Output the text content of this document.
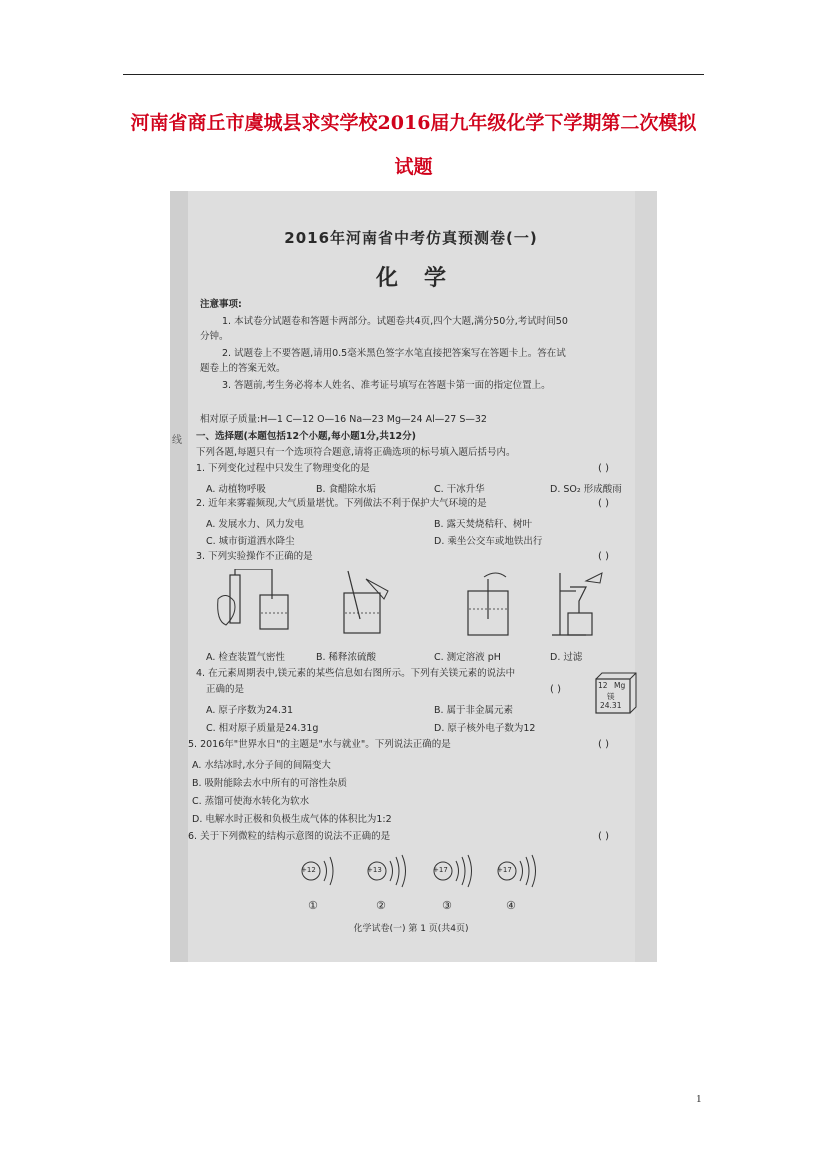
河南省商丘市虞城县求实学校2016届九年级化学下学期第二次模拟
试题
线
2016年河南省中考仿真预测卷(一)
化学
注意事项:
1. 本试卷分试题卷和答题卡两部分。试题卷共4页,四个大题,满分50分,考试时间50
分钟。
2. 试题卷上不要答题,请用0.5毫米黑色签字水笔直接把答案写在答题卡上。答在试
题卷上的答案无效。
3. 答题前,考生务必将本人姓名、准考证号填写在答题卡第一面的指定位置上。
相对原子质量:H—1 C—12 O—16 Na—23 Mg—24 Al—27 S—32
一、选择题(本题包括12个小题,每小题1分,共12分)
下列各题,每题只有一个选项符合题意,请将正确选项的标号填入题后括号内。
1. 下列变化过程中只发生了物理变化的是	( )
A. 动植物呼吸	B. 食醋除水垢	C. 干冰升华	D. SO₂ 形成酸雨
2. 近年来雾霾频现,大气质量堪忧。下列做法不利于保护大气环境的是	( )
A. 发展水力、风力发电	B. 露天焚烧秸秆、树叶
C. 城市街道洒水降尘	D. 乘坐公交车或地铁出行
3. 下列实验操作不正确的是	( )
A. 检查装置气密性	B. 稀释浓硫酸	C. 测定溶液 pH	D. 过滤
4. 在元素周期表中,镁元素的某些信息如右图所示。下列有关镁元素的说法中
正确的是	( )
A. 原子序数为24.31	B. 属于非金属元素
C. 相对原子质量是24.31g	D. 原子核外电子数为12
12 Mg
镁
24.31
5. 2016年"世界水日"的主题是"水与就业"。下列说法正确的是	( )
A. 水结冰时,水分子间的间隔变大
B. 吸附能除去水中所有的可溶性杂质
C. 蒸馏可使海水转化为软水
D. 电解水时正极和负极生成气体的体积比为1:2
6. 关于下列微粒的结构示意图的说法不正确的是	( )
+12	+13	+17	+17
①	②	③	④
化学试卷(一) 第 1 页(共4页)
1
